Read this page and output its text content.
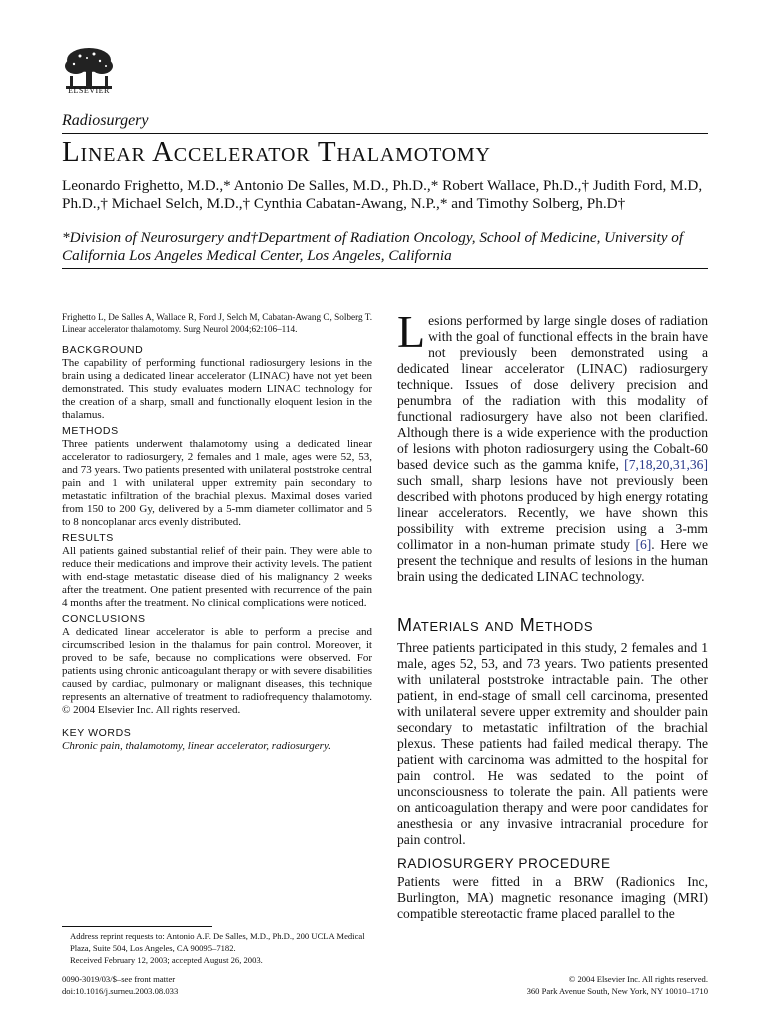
ELSEVIER
Radiosurgery
Linear Accelerator Thalamotomy
Leonardo Frighetto, M.D.,* Antonio De Salles, M.D., Ph.D.,* Robert Wallace, Ph.D.,† Judith Ford, M.D, Ph.D.,† Michael Selch, M.D.,† Cynthia Cabatan-Awang, N.P.,* and Timothy Solberg, Ph.D†
*Division of Neurosurgery and†Department of Radiation Oncology, School of Medicine, University of California Los Angeles Medical Center, Los Angeles, California
Frighetto L, De Salles A, Wallace R, Ford J, Selch M, Cabatan-Awang C, Solberg T. Linear accelerator thalamotomy. Surg Neurol 2004;62:106–114.
BACKGROUND
The capability of performing functional radiosurgery lesions in the brain using a dedicated linear accelerator (LINAC) have not yet been demonstrated. This study evaluates modern LINAC technology for the creation of a sharp, small and functionally eloquent lesion in the thalamus.
METHODS
Three patients underwent thalamotomy using a dedicated linear accelerator to radiosurgery, 2 females and 1 male, ages were 52, 53, and 73 years. Two patients presented with unilateral poststroke central pain and 1 with unilateral upper extremity pain secondary to metastatic infiltration of the brachial plexus. Maximal doses varied from 150 to 200 Gy, delivered by a 5-mm diameter collimator and 5 to 8 noncoplanar arcs evenly distributed.
RESULTS
All patients gained substantial relief of their pain. They were able to reduce their medications and improve their activity levels. The patient with end-stage metastatic disease died of his malignancy 2 weeks after the treatment. One patient presented with recurrence of the pain 4 months after the treatment. No clinical complications were noticed.
CONCLUSIONS
A dedicated linear accelerator is able to perform a precise and circumscribed lesion in the thalamus for pain control. Moreover, it proved to be safe, because no complications were observed. For patients using chronic anticoagulant therapy or with severe disabilities caused by cardiac, pulmonary or malignant diseases, this technique represents an alternative of treatment to radiofrequency thalamotomy. © 2004 Elsevier Inc. All rights reserved.
KEY WORDS
Chronic pain, thalamotomy, linear accelerator, radiosurgery.
Address reprint requests to: Antonio A.F. De Salles, M.D., Ph.D., 200 UCLA Medical Plaza, Suite 504, Los Angeles, CA 90095–7182.
Received February 12, 2003; accepted August 26, 2003.
0090-3019/03/$–see front matter
doi:10.1016/j.surneu.2003.08.033
© 2004 Elsevier Inc. All rights reserved.
360 Park Avenue South, New York, NY 10010–1710

Lesions performed by large single doses of radiation with the goal of functional effects in the brain have not previously been demonstrated using a dedicated linear accelerator (LINAC) radiosurgery technique. Issues of dose delivery precision and penumbra of the radiation with this modality of functional radiosurgery have also not been clarified. Although there is a wide experience with the production of lesions with photon radiosurgery using the Cobalt-60 based device such as the gamma knife, [7,18,20,31,36] such small, sharp lesions have not previously been described with photons produced by high energy rotating linear accelerators. Recently, we have shown this possibility with extreme precision using a 3-mm collimator in a non-human primate study [6]. Here we present the technique and results of lesions in the human brain using the dedicated LINAC technology.

Materials and Methods

Three patients participated in this study, 2 females and 1 male, ages 52, 53, and 73 years. Two patients presented with unilateral poststroke intractable pain. The other patient, in end-stage of small cell carcinoma, presented with unilateral severe upper extremity and shoulder pain secondary to metastatic infiltration of the brachial plexus. These patients had failed medical therapy. The patient with carcinoma was admitted to the hospital for pain control. He was sedated to the point of unconsciousness to tolerate the pain. All patients were on anticoagulation therapy and were poor candidates for anesthesia or any invasive intracranial procedure for pain control.

RADIOSURGERY PROCEDURE

Patients were fitted in a BRW (Radionics Inc, Burlington, MA) magnetic resonance imaging (MRI) compatible stereotactic frame placed parallel to the
